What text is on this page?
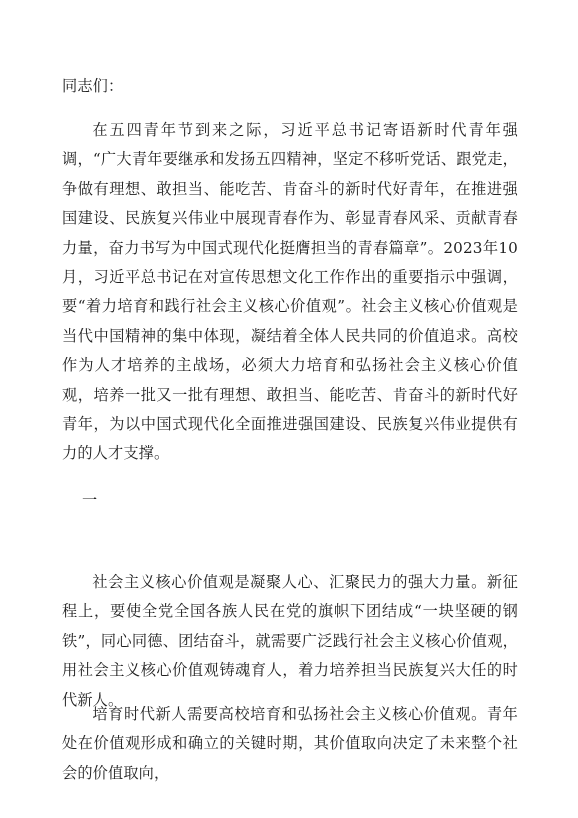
同志们：

在五四青年节到来之际，习近平总书记寄语新时代青年强调，“广大青年要继承和发扬五四精神，坚定不移听党话、跟党走，争做有理想、敢担当、能吃苦、肯奋斗的新时代好青年，在推进强国建设、民族复兴伟业中展现青春作为、彰显青春风采、贡献青春力量，奋力书写为中国式现代化挺膺担当的青春篇章”。2023年10月，习近平总书记在对宣传思想文化工作作出的重要指示中强调，要“着力培育和践行社会主义核心价值观”。社会主义核心价值观是当代中国精神的集中体现，凝结着全体人民共同的价值追求。高校作为人才培养的主战场，必须大力培育和弘扬社会主义核心价值观，培养一批又一批有理想、敢担当、能吃苦、肯奋斗的新时代好青年，为以中国式现代化全面推进强国建设、民族复兴伟业提供有力的人才支撑。

一

社会主义核心价值观是凝聚人心、汇聚民力的强大力量。新征程上，要使全党全国各族人民在党的旗帜下团结成“一块坚硬的钢铁”，同心同德、团结奋斗，就需要广泛践行社会主义核心价值观，用社会主义核心价值观铸魂育人，着力培养担当民族复兴大任的时代新人。

培育时代新人需要高校培育和弘扬社会主义核心价值观。青年处在价值观形成和确立的关键时期，其价值取向决定了未来整个社会的价值取向，
